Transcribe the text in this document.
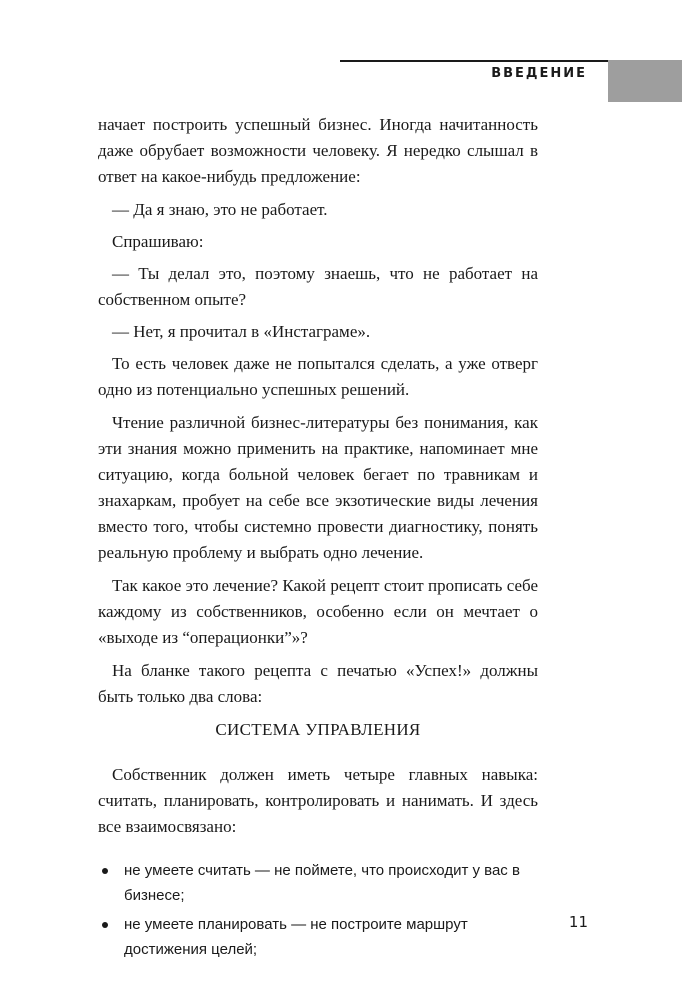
ВВЕДЕНИЕ

начает построить успешный бизнес. Иногда начитанность даже обрубает возможности человеку. Я нередко слышал в ответ на какое-нибудь предложение:

— Да я знаю, это не работает.

Спрашиваю:

— Ты делал это, поэтому знаешь, что не работает на собственном опыте?

— Нет, я прочитал в «Инстаграме».

То есть человек даже не попытался сделать, а уже отверг одно из потенциально успешных решений.

Чтение различной бизнес-литературы без понимания, как эти знания можно применить на практике, напоминает мне ситуацию, когда больной человек бегает по травникам и знахаркам, пробует на себе все экзотические виды лечения вместо того, чтобы системно провести диагностику, понять реальную проблему и выбрать одно лечение.

Так какое это лечение? Какой рецепт стоит прописать себе каждому из собственников, особенно если он мечтает о «выходе из “операционки”»?

На бланке такого рецепта с печатью «Успех!» должны быть только два слова:

СИСТЕМА УПРАВЛЕНИЯ

Собственник должен иметь четыре главных навыка: считать, планировать, контролировать и нанимать. И здесь все взаимосвязано:

не умеете считать — не поймете, что происходит у вас в бизнесе;
не умеете планировать — не построите маршрут достижения целей;
11
